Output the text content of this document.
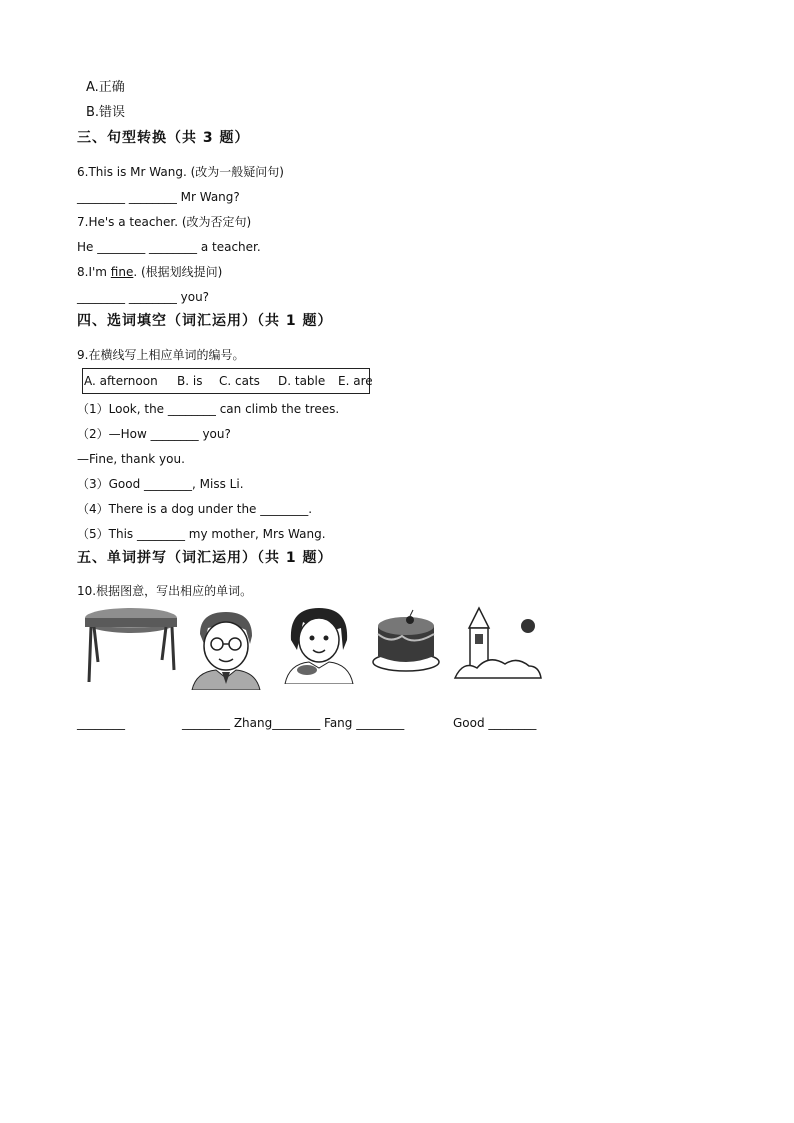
A.正确
B.错误
三、句型转换（共 3 题）
6.This is Mr Wang. (改为一般疑问句)
________ ________ Mr Wang?
7.He's a teacher. (改为否定句)
He ________ ________ a teacher.
8.I'm fine. (根据划线提问)
________ ________ you?
四、选词填空（词汇运用）（共 1 题）
9.在横线写上相应单词的编号。
A. afternoon B. is C. cats D. table E. are
（1）Look, the ________ can climb the trees.
（2）—How ________ you?
—Fine, thank you.
（3）Good ________, Miss Li.
（4）There is a dog under the ________.
（5）This ________ my mother, Mrs Wang.
五、单词拼写（词汇运用）（共 1 题）
10.根据图意，写出相应的单词。
________	________ Zhang________ Fang ________	Good ________
